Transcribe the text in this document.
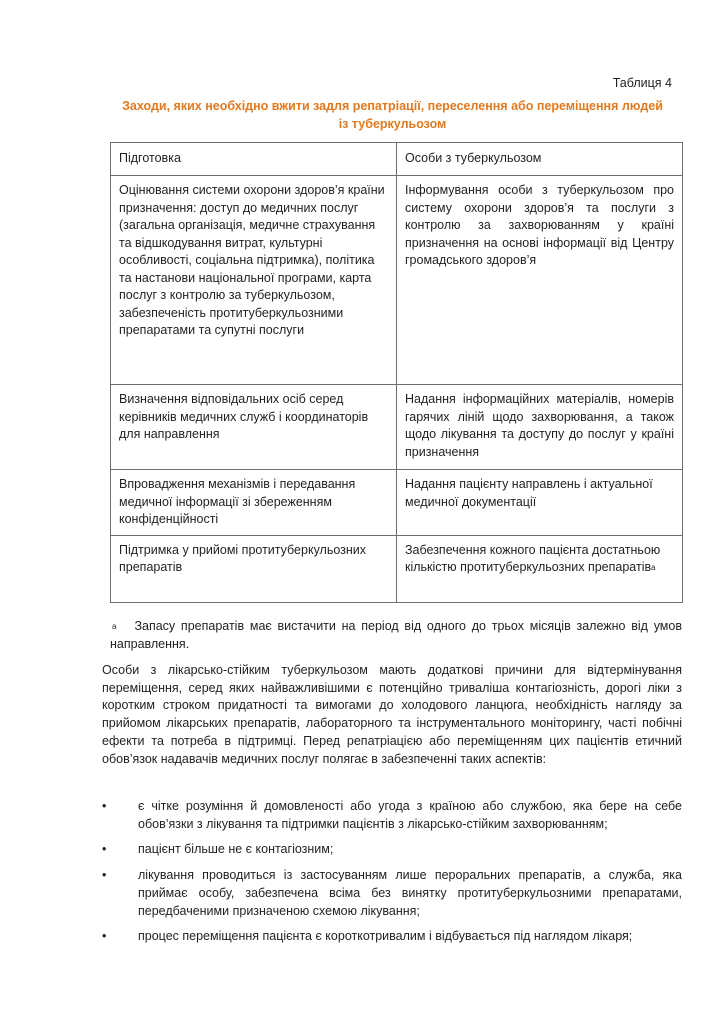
Таблиця 4
Заходи, яких необхідно вжити задля репатріації, переселення або переміщення людей
із туберкульозом
Підготовка	Особи з туберкульозом
Оцінювання системи охорони здоров’я країни призначення: доступ до медичних послуг (загальна організація, медичне страхування та відшкодування витрат, культурні особливості, соціальна підтримка), політика та настанови національної програми, карта послуг з контролю за туберкульозом, забезпеченість протитуберкульозними препаратами та супутні послуги	Інформування особи з туберкульозом про систему охорони здоров’я та послуги з контролю за захворюванням у країні призначення на основі інформації від Центру громадського здоров’я
Визначення відповідальних осіб серед керівників медичних служб і координаторів для направлення	Надання інформаційних матеріалів, номерів гарячих ліній щодо захворювання, а також щодо лікування та доступу до послуг у країні призначення
Впровадження механізмів і передавання медичної інформації зі збереженням конфіденційності	Надання пацієнту направлень і актуальної медичної документації
Підтримка у прийомі протитуберкульозних препаратів	Забезпечення кожного пацієнта достатньою кількістю протитуберкульозних препаратів$^а$
$^а$ Запасу препаратів має вистачити на період від одного до трьох місяців залежно від умов направлення.
Особи з лікарсько-стійким туберкульозом мають додаткові причини для відтермінування переміщення, серед яких найважливішими є потенційно триваліша контагіозність, дорогі ліки з коротким строком придатності та вимогами до холодового ланцюга, необхідність нагляду за прийомом лікарських препаратів, лабораторного та інструментального моніторингу, часті побічні ефекти та потреба в підтримці. Перед репатріацією або переміщенням цих пацієнтів етичний обов’язок надавачів медичних послуг полягає в забезпеченні таких аспектів:
•	є чітке розуміння й домовленості або угода з країною або службою, яка бере на себе обов’язки з лікування та підтримки пацієнтів з лікарсько-стійким захворюванням;
•	пацієнт більше не є контагіозним;
•	лікування проводиться із застосуванням лише пероральних препаратів, а служба, яка приймає особу, забезпечена всіма без винятку протитуберкульозними препаратами, передбаченими призначеною схемою лікування;
•	процес переміщення пацієнта є короткотривалим і відбувається під наглядом лікаря;
